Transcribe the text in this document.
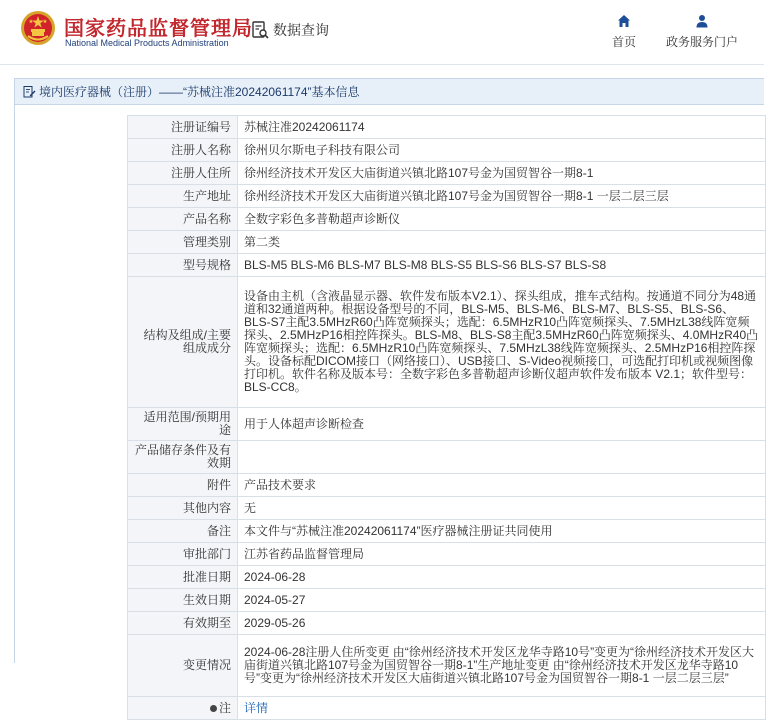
国家药品监督管理局
National Medical Products Administration
数据查询
首页 政务服务门户
境内医疗器械（注册）——“苏械注准20242061174”基本信息
注册证编号	苏械注准20242061174
注册人名称	徐州贝尔斯电子科技有限公司
注册人住所	徐州经济技术开发区大庙街道兴镇北路107号金为国贸智谷一期8-1
生产地址	徐州经济技术开发区大庙街道兴镇北路107号金为国贸智谷一期8-1 一层二层三层
产品名称	全数字彩色多普勒超声诊断仪
管理类别	第二类
型号规格	BLS-M5 BLS-M6 BLS-M7 BLS-M8 BLS-S5 BLS-S6 BLS-S7 BLS-S8
结构及组成/主要组成成分	设备由主机（含液晶显示器、软件发布版本V2.1）、探头组成，推车式结构。按通道不同分为48通道和32通道两种。根据设备型号的不同，BLS-M5、BLS-M6、BLS-M7、BLS-S5、BLS-S6、BLS-S7主配3.5MHzR60凸阵宽频探头；选配：6.5MHzR10凸阵宽频探头、7.5MHzL38线阵宽频探头、2.5MHzP16相控阵探头。BLS-M8、BLS-S8主配3.5MHzR60凸阵宽频探头、4.0MHzR40凸阵宽频探头；选配：6.5MHzR10凸阵宽频探头、7.5MHzL38线阵宽频探头、2.5MHzP16相控阵探头。设备标配DICOM接口（网络接口）、USB接口、S-Video视频接口，可选配打印机或视频图像打印机。软件名称及版本号：全数字彩色多普勒超声诊断仪超声软件发布版本 V2.1；软件型号：BLS-CC8。
适用范围/预期用途	用于人体超声诊断检查
产品储存条件及有效期	
附件	产品技术要求
其他内容	无
备注	本文件与“苏械注准20242061174”医疗器械注册证共同使用
审批部门	江苏省药品监督管理局
批准日期	2024-06-28
生效日期	2024-05-27
有效期至	2029-05-26
变更情况	2024-06-28注册人住所变更 由“徐州经济技术开发区龙华寺路10号”变更为“徐州经济技术开发区大庙街道兴镇北路107号金为国贸智谷一期8-1”生产地址变更 由“徐州经济技术开发区龙华寺路10号”变更为“徐州经济技术开发区大庙街道兴镇北路107号金为国贸智谷一期8-1 一层二层三层”
注	详情
